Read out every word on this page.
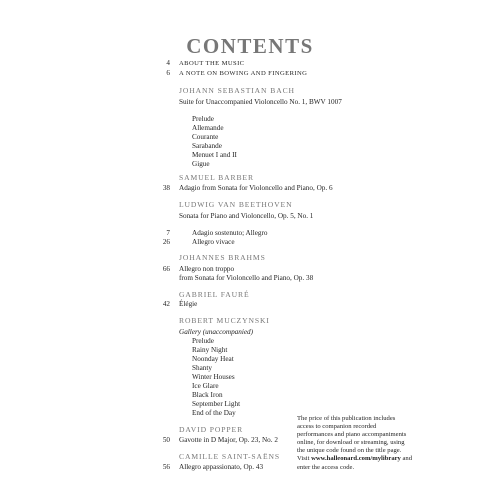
CONTENTS
4 ABOUT THE MUSIC
6 A NOTE ON BOWING AND FINGERING
JOHANN SEBASTIAN BACH
Suite for Unaccompanied Violoncello No. 1, BWV 1007
Prelude
Allemande
Courante
Sarabande
Menuet I and II
Gigue
SAMUEL BARBER
38 Adagio from Sonata for Violoncello and Piano, Op. 6
LUDWIG VAN BEETHOVEN
Sonata for Piano and Violoncello, Op. 5, No. 1
7	Adagio sostenuto; Allegro
26	Allegro vivace
JOHANNES BRAHMS
66 Allegro non troppo
from Sonata for Violoncello and Piano, Op. 38
GABRIEL FAURÉ
42 Élégie
ROBERT MUCZYNSKI
Gallery (unaccompanied)
Prelude
Rainy Night
Noonday Heat
Shanty
Winter Houses
Ice Glare
Black Iron
September Light
End of the Day
DAVID POPPER
50 Gavotte in D Major, Op. 23, No. 2
CAMILLE SAINT-SAËNS
56 Allegro appassionato, Op. 43
The price of this publication includes
access to companion recorded
performances and piano accompaniments
online, for download or streaming, using
the unique code found on the title page.
Visit www.halleonard.com/mylibrary and
enter the access code.
